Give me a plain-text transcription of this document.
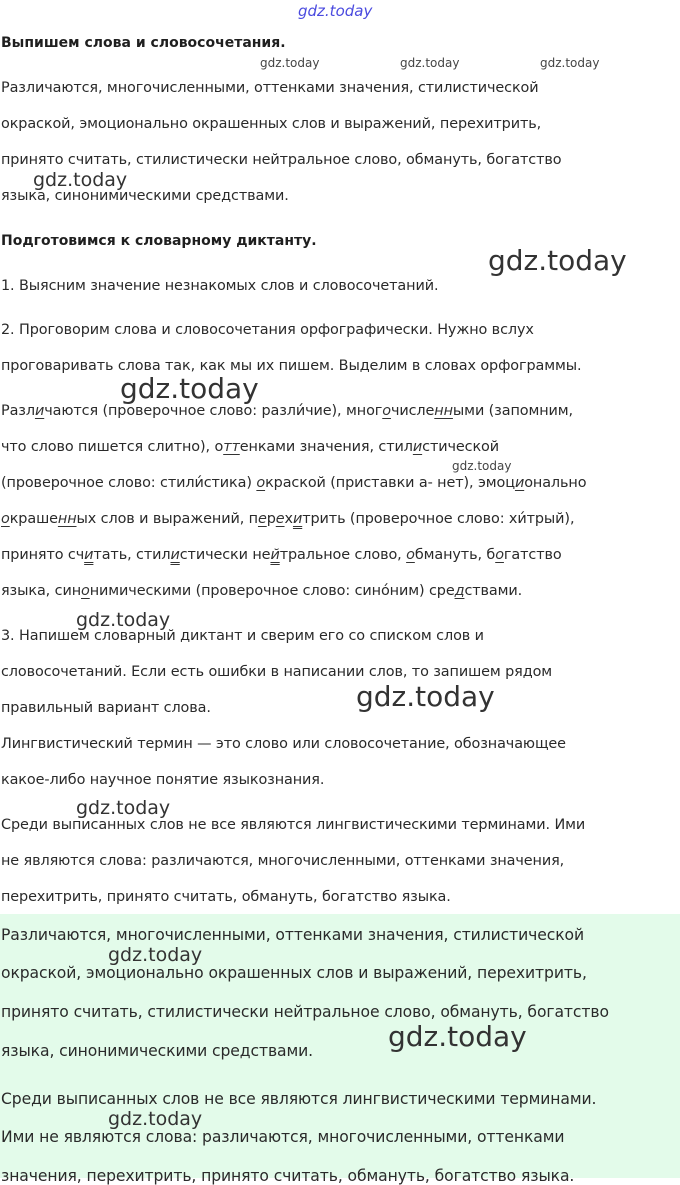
Выпишем слова и словосочетания.
Различаются, многочисленными, оттенками значения, стилистической
окраской, эмоционально окрашенных слов и выражений, перехитрить,
принято считать, стилистически нейтральное слово, обмануть, богатство
языка, синонимическими средствами.
Подготовимся к словарному диктанту.
1. Выясним значение незнакомых слов и словосочетаний.
2. Проговорим слова и словосочетания орфографически. Нужно вслух
проговаривать слова так, как мы их пишем. Выделим в словах орфограммы.
Различаются (проверочное слово: разли́чие), многочисленными (запомним,
что слово пишется слитно), оттенками значения, стилистической
(проверочное слово: стили́стика) окраской (приставки а- нет), эмоционально
окрашенных слов и выражений, перехитрить (проверочное слово: хи́трый),
принято считать, стилистически нейтральное слово, обмануть, богатство
языка, синонимическими (проверочное слово: сино́ним) средствами.
3. Напишем словарный диктант и сверим его со списком слов и
словосочетаний. Если есть ошибки в написании слов, то запишем рядом
правильный вариант слова.
Лингвистический термин — это слово или словосочетание, обозначающее
какое-либо научное понятие языкознания.
Среди выписанных слов не все являются лингвистическими терминами. Ими
не являются слова: различаются, многочисленными, оттенками значения,
перехитрить, принято считать, обмануть, богатство языка.
Различаются, многочисленными, оттенками значения, стилистической
окраской, эмоционально окрашенных слов и выражений, перехитрить,
принято считать, стилистически нейтральное слово, обмануть, богатство
языка, синонимическими средствами.
Среди выписанных слов не все являются лингвистическими терминами.
Ими не являются слова: различаются, многочисленными, оттенками
значения, перехитрить, принято считать, обмануть, богатство языка.
gdz.today
gdz.today	gdz.today	gdz.today
gdz.today
gdz.today
gdz.today
gdz.today
gdz.today
gdz.today
gdz.today
gdz.today
gdz.today
gdz.today
